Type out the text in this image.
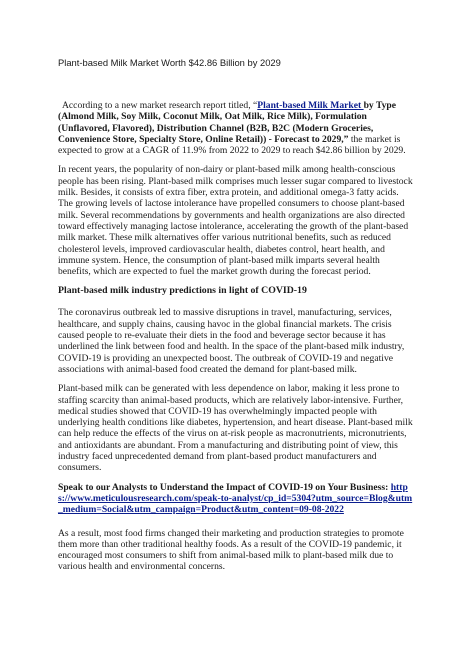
Plant-based Milk Market Worth $42.86 Billion by 2029

According to a new market research report titled, “Plant-based Milk Market by Type (Almond Milk, Soy Milk, Coconut Milk, Oat Milk, Rice Milk), Formulation (Unflavored, Flavored), Distribution Channel (B2B, B2C (Modern Groceries, Convenience Store, Specialty Store, Online Retail)) - Forecast to 2029,” the market is expected to grow at a CAGR of 11.9% from 2022 to 2029 to reach $42.86 billion by 2029.

In recent years, the popularity of non-dairy or plant-based milk among health-conscious people has been rising. Plant-based milk comprises much lesser sugar compared to livestock milk. Besides, it consists of extra fiber, extra protein, and additional omega-3 fatty acids. The growing levels of lactose intolerance have propelled consumers to choose plant-based milk. Several recommendations by governments and health organizations are also directed toward effectively managing lactose intolerance, accelerating the growth of the plant-based milk market. These milk alternatives offer various nutritional benefits, such as reduced cholesterol levels, improved cardiovascular health, diabetes control, heart health, and immune system. Hence, the consumption of plant-based milk imparts several health benefits, which are expected to fuel the market growth during the forecast period.

Plant-based milk industry predictions in light of COVID-19

The coronavirus outbreak led to massive disruptions in travel, manufacturing, services, healthcare, and supply chains, causing havoc in the global financial markets. The crisis caused people to re-evaluate their diets in the food and beverage sector because it has underlined the link between food and health. In the space of the plant-based milk industry, COVID-19 is providing an unexpected boost. The outbreak of COVID-19 and negative associations with animal-based food created the demand for plant-based milk.

Plant-based milk can be generated with less dependence on labor, making it less prone to staffing scarcity than animal-based products, which are relatively labor-intensive. Further, medical studies showed that COVID-19 has overwhelmingly impacted people with underlying health conditions like diabetes, hypertension, and heart disease. Plant-based milk can help reduce the effects of the virus on at-risk people as macronutrients, micronutrients, and antioxidants are abundant. From a manufacturing and distributing point of view, this industry faced unprecedented demand from plant-based product manufacturers and consumers.

Speak to our Analysts to Understand the Impact of COVID-19 on Your Business: https://www.meticulousresearch.com/speak-to-analyst/cp_id=5304?utm_source=Blog&utm_medium=Social&utm_campaign=Product&utm_content=09-08-2022

As a result, most food firms changed their marketing and production strategies to promote them more than other traditional healthy foods. As a result of the COVID-19 pandemic, it encouraged most consumers to shift from animal-based milk to plant-based milk due to various health and environmental concerns.
